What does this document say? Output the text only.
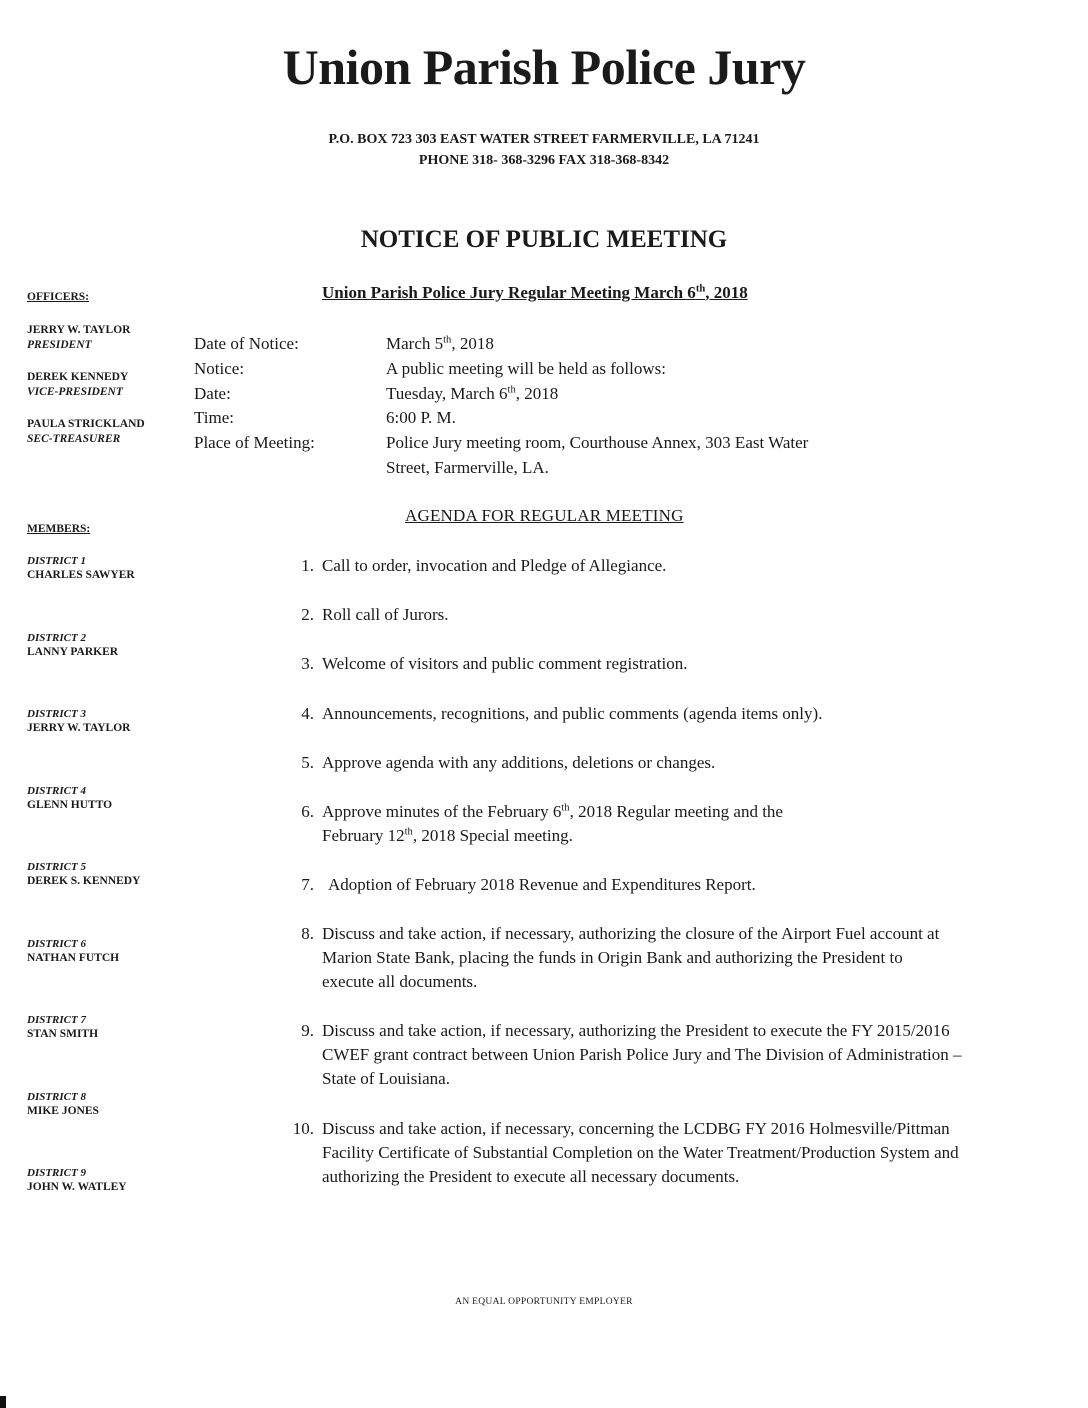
Union Parish Police Jury
P.O. BOX 723 303 EAST WATER STREET FARMERVILLE, LA 71241
PHONE 318- 368-3296 FAX 318-368-8342
NOTICE OF PUBLIC MEETING
Union Parish Police Jury Regular Meeting March 6th, 2018
OFFICERS:
JERRY W. TAYLOR
PRESIDENT
DEREK KENNEDY
VICE-PRESIDENT
PAULA STRICKLAND
SEC-TREASURER
MEMBERS:
DISTRICT 1
CHARLES SAWYER
DISTRICT 2
LANNY PARKER
DISTRICT 3
JERRY W. TAYLOR
DISTRICT 4
GLENN HUTTO
DISTRICT 5
DEREK S. KENNEDY
DISTRICT 6
NATHAN FUTCH
DISTRICT 7
STAN SMITH
DISTRICT 8
MIKE JONES
DISTRICT 9
JOHN W. WATLEY
Date of Notice:	March 5th, 2018
Notice:	A public meeting will be held as follows:
Date:	Tuesday, March 6th, 2018
Time:	6:00 P. M.
Place of Meeting:	Police Jury meeting room, Courthouse Annex, 303 East Water
Street, Farmerville, LA.
AGENDA FOR REGULAR MEETING
1. Call to order, invocation and Pledge of Allegiance.
2. Roll call of Jurors.
3. Welcome of visitors and public comment registration.
4. Announcements, recognitions, and public comments (agenda items only).
5. Approve agenda with any additions, deletions or changes.
6. Approve minutes of the February 6th, 2018 Regular meeting and the
February 12th, 2018 Special meeting.
7. Adoption of February 2018 Revenue and Expenditures Report.
8. Discuss and take action, if necessary, authorizing the closure of the Airport Fuel account at Marion State Bank, placing the funds in Origin Bank and authorizing the President to execute all documents.
9. Discuss and take action, if necessary, authorizing the President to execute the FY 2015/2016 CWEF grant contract between Union Parish Police Jury and The Division of Administration – State of Louisiana.
10. Discuss and take action, if necessary, concerning the LCDBG FY 2016 Holmesville/Pittman Facility Certificate of Substantial Completion on the Water Treatment/Production System and authorizing the President to execute all necessary documents.
AN EQUAL OPPORTUNITY EMPLOYER
